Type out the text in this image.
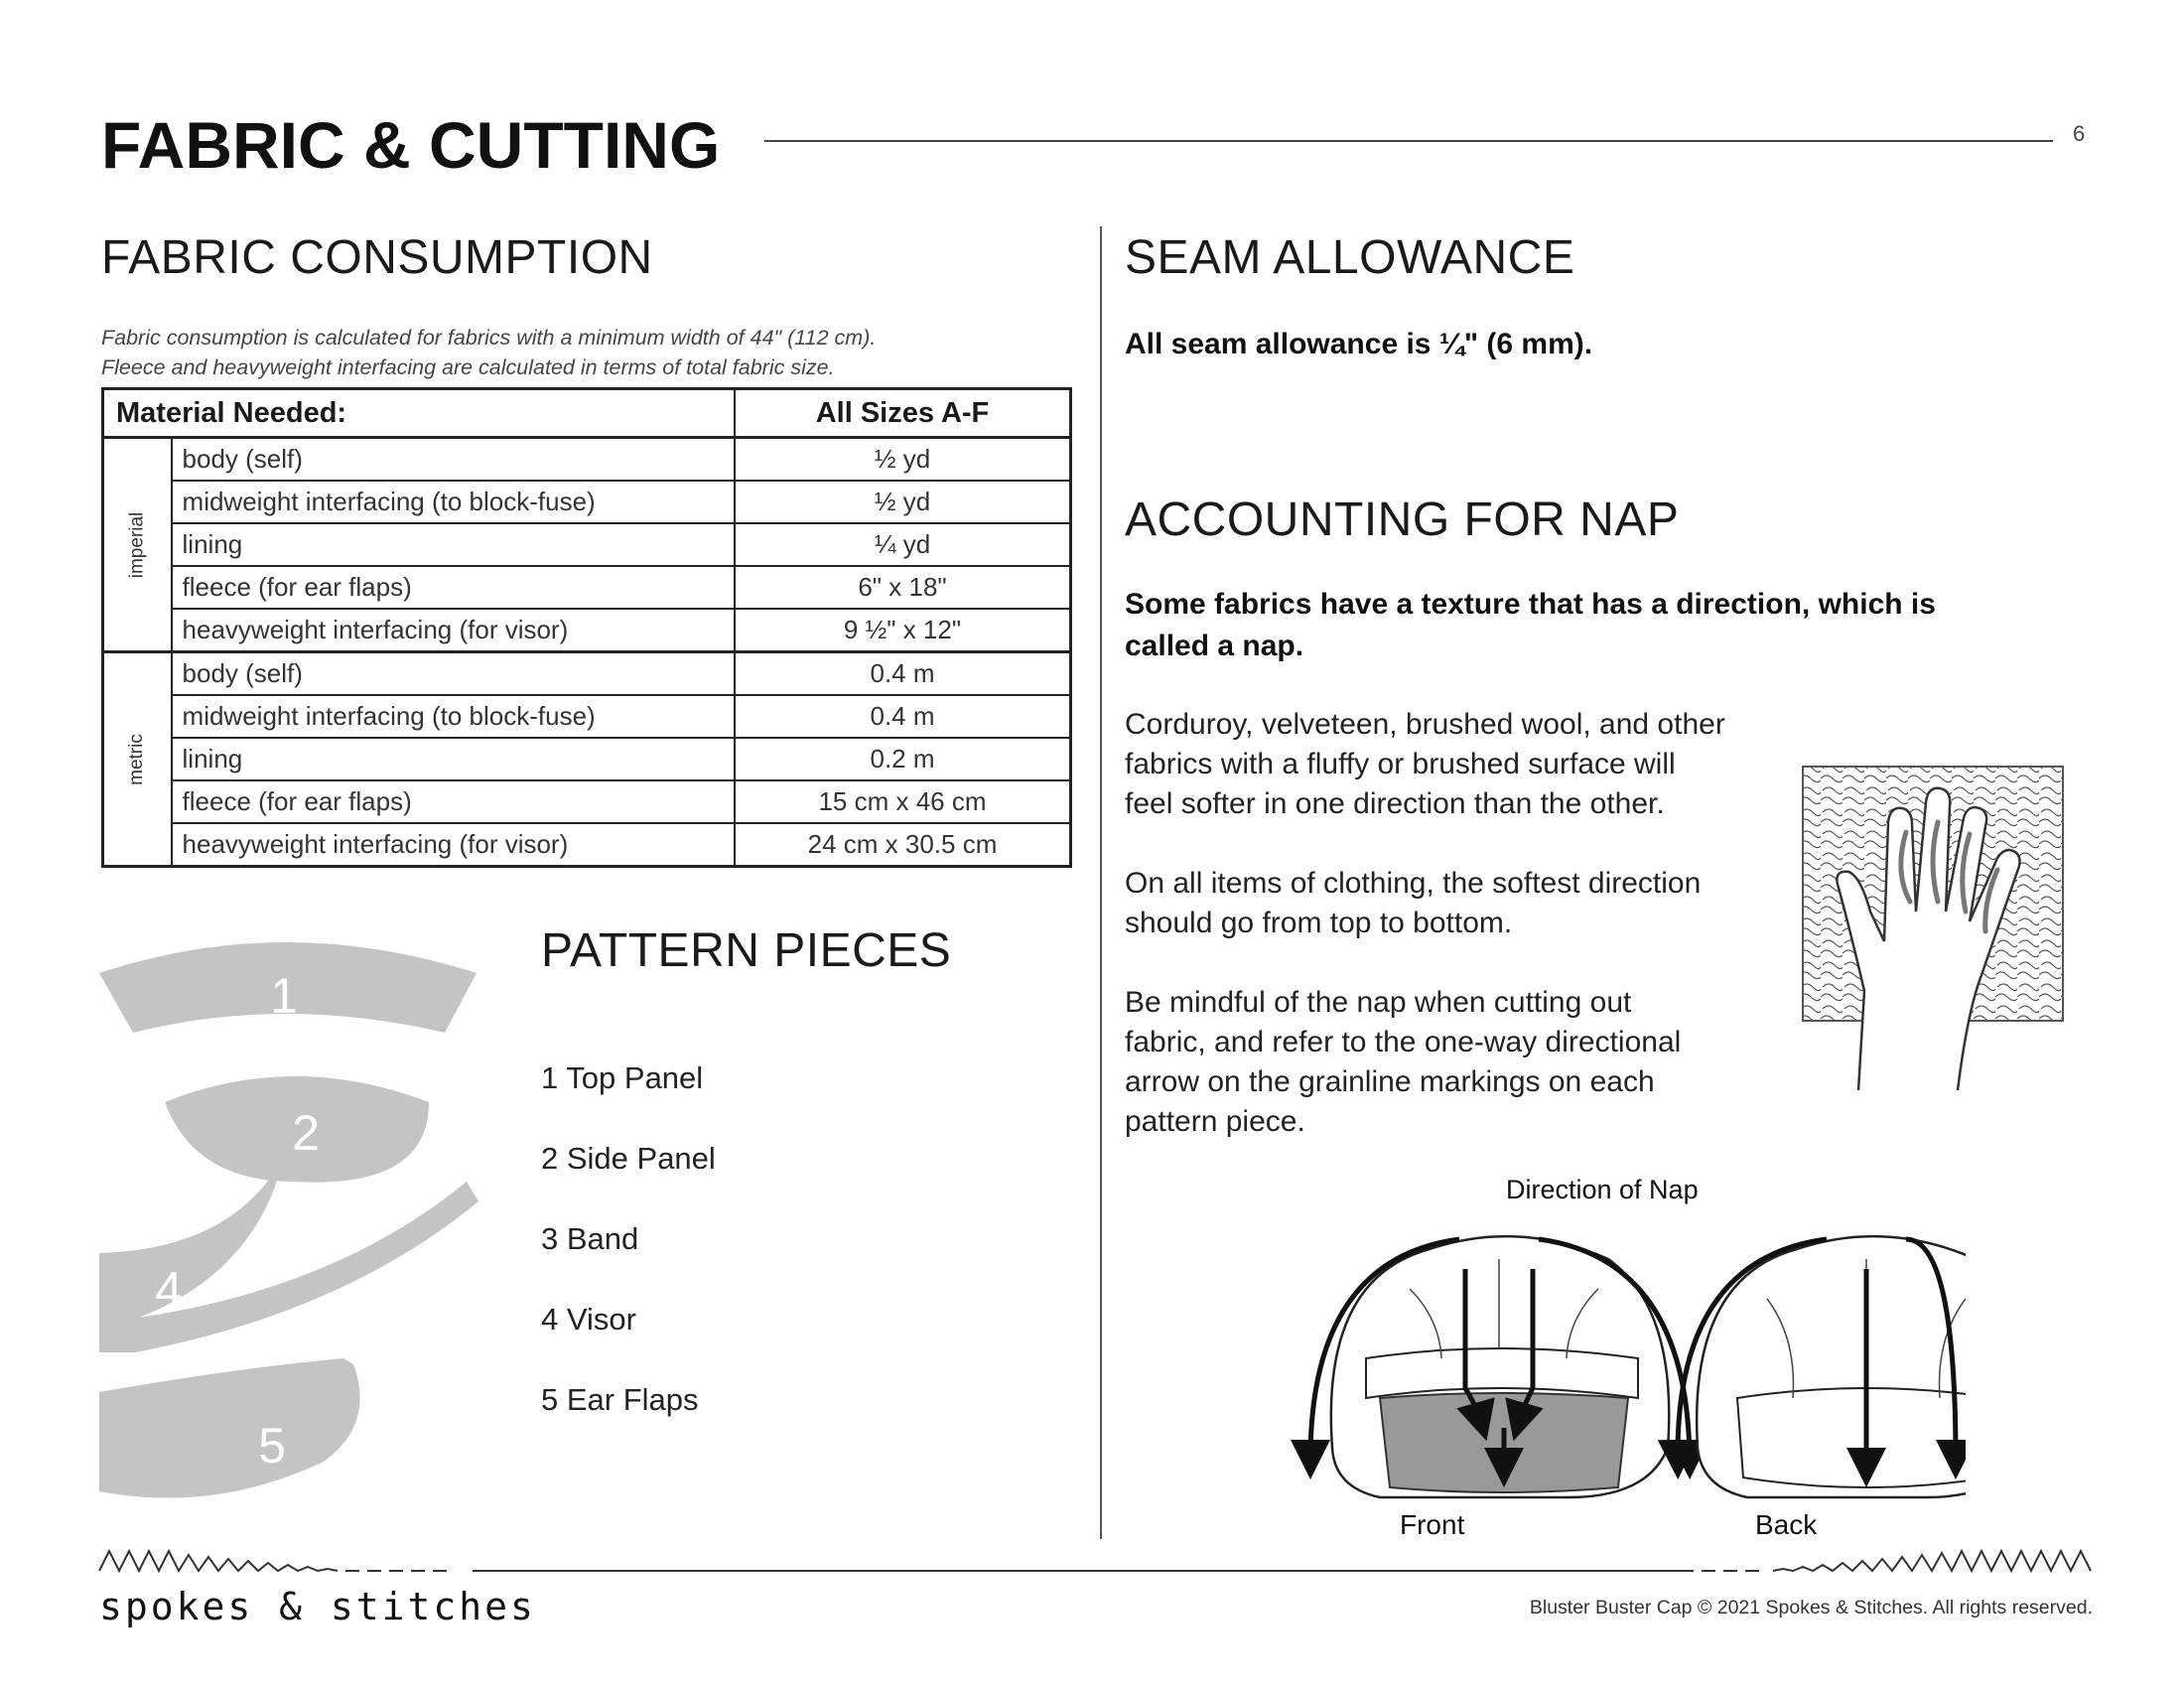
FABRIC & CUTTING	6
FABRIC CONSUMPTION
Fabric consumption is calculated for fabrics with a minimum width of 44" (112 cm).
Fleece and heavyweight interfacing are calculated in terms of total fabric size.
Material Needed:		All Sizes A-F
imperial	body (self)	½ yd
	midweight interfacing (to block-fuse)	½ yd
	lining	¼ yd
	fleece (for ear flaps)	6" x 18"
	heavyweight interfacing (for visor)	9 ½" x 12"
metric	body (self)	0.4 m
	midweight interfacing (to block-fuse)	0.4 m
	lining	0.2 m
	fleece (for ear flaps)	15 cm x 46 cm
	heavyweight interfacing (for visor)	24 cm x 30.5 cm
1
2
3
4
5
PATTERN PIECES
1 Top Panel
2 Side Panel
3 Band
4 Visor
5 Ear Flaps
SEAM ALLOWANCE
All seam allowance is ¼" (6 mm).
ACCOUNTING FOR NAP
Some fabrics have a texture that has a direction, which is
called a nap.
Corduroy, velveteen, brushed wool, and other
fabrics with a fluffy or brushed surface will
feel softer in one direction than the other.
On all items of clothing, the softest direction
should go from top to bottom.
Be mindful of the nap when cutting out
fabric, and refer to the one-way directional
arrow on the grainline markings on each
pattern piece.
Direction of Nap
Front	Back
spokes & stitches	Bluster Buster Cap © 2021 Spokes & Stitches. All rights reserved.
